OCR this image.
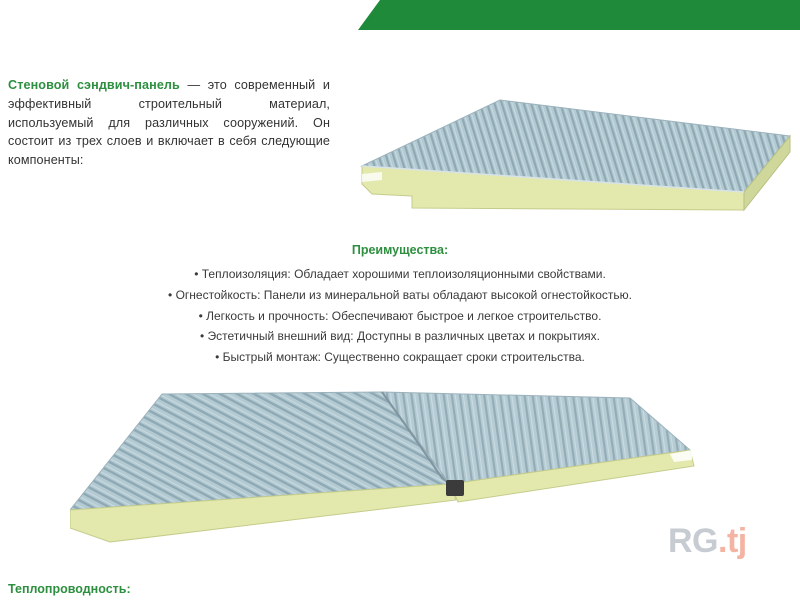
Стеновой сэндвич-панель — это современный и эффективный строительный материал, используемый для различных сооружений. Он состоит из трех слоев и включает в себя следующие компоненты:
Преимущества:
• Теплоизоляция: Обладает хорошими теплоизоляционными свойствами.
• Огнестойкость: Панели из минеральной ваты обладают высокой огнестойкостью.
• Легкость и прочность: Обеспечивают быстрое и легкое строительство.
• Эстетичный внешний вид: Доступны в различных цветах и покрытиях.
• Быстрый монтаж: Существенно сокращает сроки строительства.
RG.tj
Теплопроводность:
